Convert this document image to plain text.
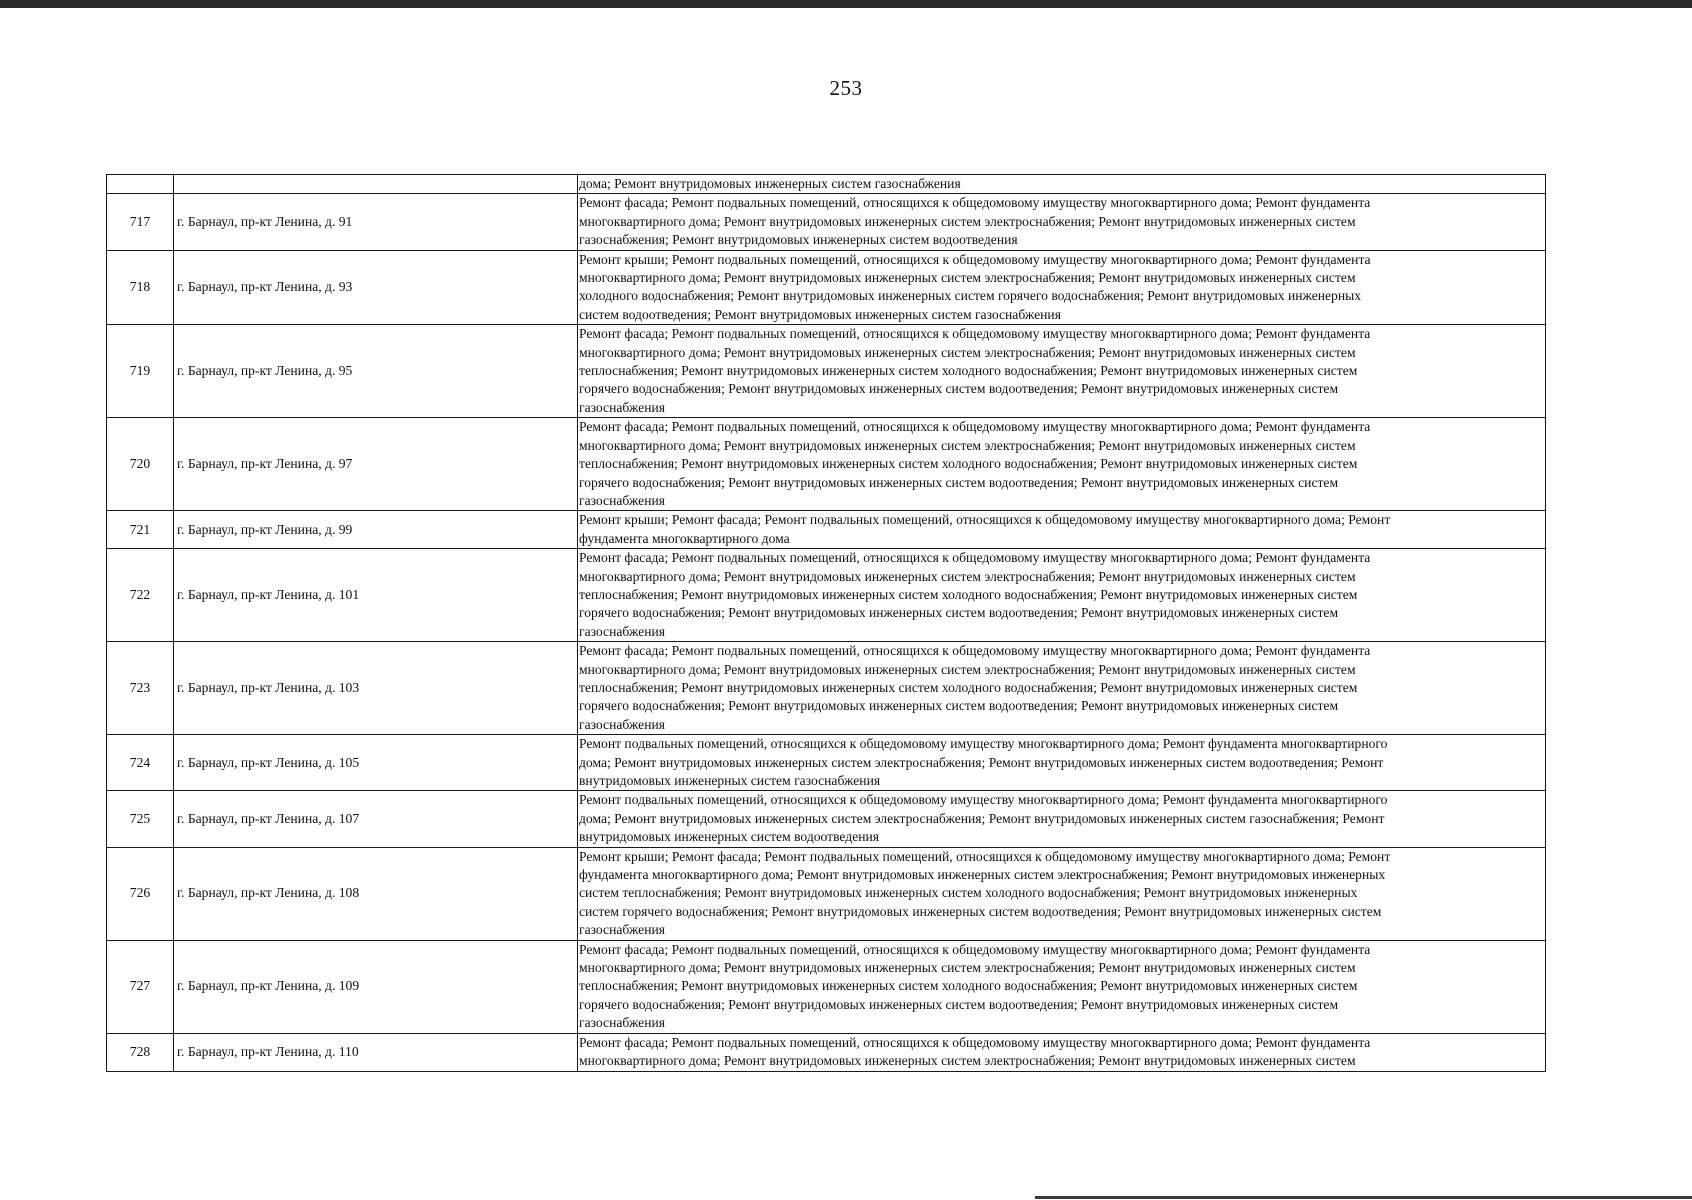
253

		дома; Ремонт внутридомовых инженерных систем газоснабжения

717	г. Барнаул, пр-кт Ленина, д. 91	Ремонт фасада; Ремонт подвальных помещений, относящихся к общедомовому имуществу многоквартирного дома; Ремонт фундамента
многоквартирного дома; Ремонт внутридомовых инженерных систем электроснабжения; Ремонт внутридомовых инженерных систем
газоснабжения; Ремонт внутридомовых инженерных систем водоотведения

718	г. Барнаул, пр-кт Ленина, д. 93	Ремонт крыши; Ремонт подвальных помещений, относящихся к общедомовому имуществу многоквартирного дома; Ремонт фундамента
многоквартирного дома; Ремонт внутридомовых инженерных систем электроснабжения; Ремонт внутридомовых инженерных систем
холодного водоснабжения; Ремонт внутридомовых инженерных систем горячего водоснабжения; Ремонт внутридомовых инженерных
систем водоотведения; Ремонт внутридомовых инженерных систем газоснабжения

719	г. Барнаул, пр-кт Ленина, д. 95	Ремонт фасада; Ремонт подвальных помещений, относящихся к общедомовому имуществу многоквартирного дома; Ремонт фундамента
многоквартирного дома; Ремонт внутридомовых инженерных систем электроснабжения; Ремонт внутридомовых инженерных систем
теплоснабжения; Ремонт внутридомовых инженерных систем холодного водоснабжения; Ремонт внутридомовых инженерных систем
горячего водоснабжения; Ремонт внутридомовых инженерных систем водоотведения; Ремонт внутридомовых инженерных систем
газоснабжения

720	г. Барнаул, пр-кт Ленина, д. 97	Ремонт фасада; Ремонт подвальных помещений, относящихся к общедомовому имуществу многоквартирного дома; Ремонт фундамента
многоквартирного дома; Ремонт внутридомовых инженерных систем электроснабжения; Ремонт внутридомовых инженерных систем
теплоснабжения; Ремонт внутридомовых инженерных систем холодного водоснабжения; Ремонт внутридомовых инженерных систем
горячего водоснабжения; Ремонт внутридомовых инженерных систем водоотведения; Ремонт внутридомовых инженерных систем
газоснабжения

721	г. Барнаул, пр-кт Ленина, д. 99	Ремонт крыши; Ремонт фасада; Ремонт подвальных помещений, относящихся к общедомовому имуществу многоквартирного дома; Ремонт
фундамента многоквартирного дома

722	г. Барнаул, пр-кт Ленина, д. 101	Ремонт фасада; Ремонт подвальных помещений, относящихся к общедомовому имуществу многоквартирного дома; Ремонт фундамента
многоквартирного дома; Ремонт внутридомовых инженерных систем электроснабжения; Ремонт внутридомовых инженерных систем
теплоснабжения; Ремонт внутридомовых инженерных систем холодного водоснабжения; Ремонт внутридомовых инженерных систем
горячего водоснабжения; Ремонт внутридомовых инженерных систем водоотведения; Ремонт внутридомовых инженерных систем
газоснабжения

723	г. Барнаул, пр-кт Ленина, д. 103	Ремонт фасада; Ремонт подвальных помещений, относящихся к общедомовому имуществу многоквартирного дома; Ремонт фундамента
многоквартирного дома; Ремонт внутридомовых инженерных систем электроснабжения; Ремонт внутридомовых инженерных систем
теплоснабжения; Ремонт внутридомовых инженерных систем холодного водоснабжения; Ремонт внутридомовых инженерных систем
горячего водоснабжения; Ремонт внутридомовых инженерных систем водоотведения; Ремонт внутридомовых инженерных систем
газоснабжения

724	г. Барнаул, пр-кт Ленина, д. 105	Ремонт подвальных помещений, относящихся к общедомовому имуществу многоквартирного дома; Ремонт фундамента многоквартирного
дома; Ремонт внутридомовых инженерных систем электроснабжения; Ремонт внутридомовых инженерных систем водоотведения; Ремонт
внутридомовых инженерных систем газоснабжения

725	г. Барнаул, пр-кт Ленина, д. 107	Ремонт подвальных помещений, относящихся к общедомовому имуществу многоквартирного дома; Ремонт фундамента многоквартирного
дома; Ремонт внутридомовых инженерных систем электроснабжения; Ремонт внутридомовых инженерных систем газоснабжения; Ремонт
внутридомовых инженерных систем водоотведения

726	г. Барнаул, пр-кт Ленина, д. 108	Ремонт крыши; Ремонт фасада; Ремонт подвальных помещений, относящихся к общедомовому имуществу многоквартирного дома; Ремонт
фундамента многоквартирного дома; Ремонт внутридомовых инженерных систем электроснабжения; Ремонт внутридомовых инженерных
систем теплоснабжения; Ремонт внутридомовых инженерных систем холодного водоснабжения; Ремонт внутридомовых инженерных
систем горячего водоснабжения; Ремонт внутридомовых инженерных систем водоотведения; Ремонт внутридомовых инженерных систем
газоснабжения

727	г. Барнаул, пр-кт Ленина, д. 109	Ремонт фасада; Ремонт подвальных помещений, относящихся к общедомовому имуществу многоквартирного дома; Ремонт фундамента
многоквартирного дома; Ремонт внутридомовых инженерных систем электроснабжения; Ремонт внутридомовых инженерных систем
теплоснабжения; Ремонт внутридомовых инженерных систем холодного водоснабжения; Ремонт внутридомовых инженерных систем
горячего водоснабжения; Ремонт внутридомовых инженерных систем водоотведения; Ремонт внутридомовых инженерных систем
газоснабжения

728	г. Барнаул, пр-кт Ленина, д. 110	Ремонт фасада; Ремонт подвальных помещений, относящихся к общедомовому имуществу многоквартирного дома; Ремонт фундамента
многоквартирного дома; Ремонт внутридомовых инженерных систем электроснабжения; Ремонт внутридомовых инженерных систем
